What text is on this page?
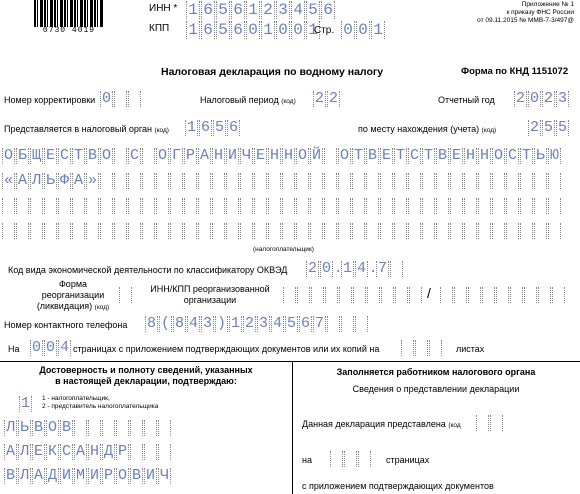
0730 4019
ИНН * 1 6 5 6 1 2 3 4 5 6
КПП 1 6 5 6 0 1 0 0 1
Стр. 0 0 1
Приложение № 1
к приказу ФНС России
от 09.11.2015 № ММВ-7-3/497@
Налоговая декларация по водному налогу	Форма по КНД 1151072
Номер корректировки 0	Налоговый период (код) 2 2	Отчетный год 2 0 2 3
Представляется в налоговый орган (код) 1 6 5 6	по месту нахождения (учета) (код) 2 5 5
О Б Щ Е С Т В О С О Г Р А Н И Ч Е Н Н О Й О Т В Е Т С Т В Е Н Н О С Т Ь Ю
« А Л Ь Ф А »
(налогоплательщик)
Код вида экономической деятельности по классификатору ОКВЭД 2 0 . 1 4 . 7
Форма
реорганизации
(ликвидация) (код)
ИНН/КПП реорганизованной
организации	/
Номер контактного телефона 8 ( 8 4 3 ) 1 2 3 4 5 6 7
На 0 0 4 страницах с приложением подтверждающих документов или их копий на	листах
Достоверность и полноту сведений, указанных
в настоящей декларации, подтверждаю:
1	1 - налогоплательщик,
2 - представитель налогоплательщика
Л Ь В О В
А Л Е К С А Н Д Р
В Л А Д И М И Р О В И Ч
Заполняется работником налогового органа
Сведения о представлении декларации
Данная декларация представлена (код
на	страницах
с приложением подтверждающих документов
